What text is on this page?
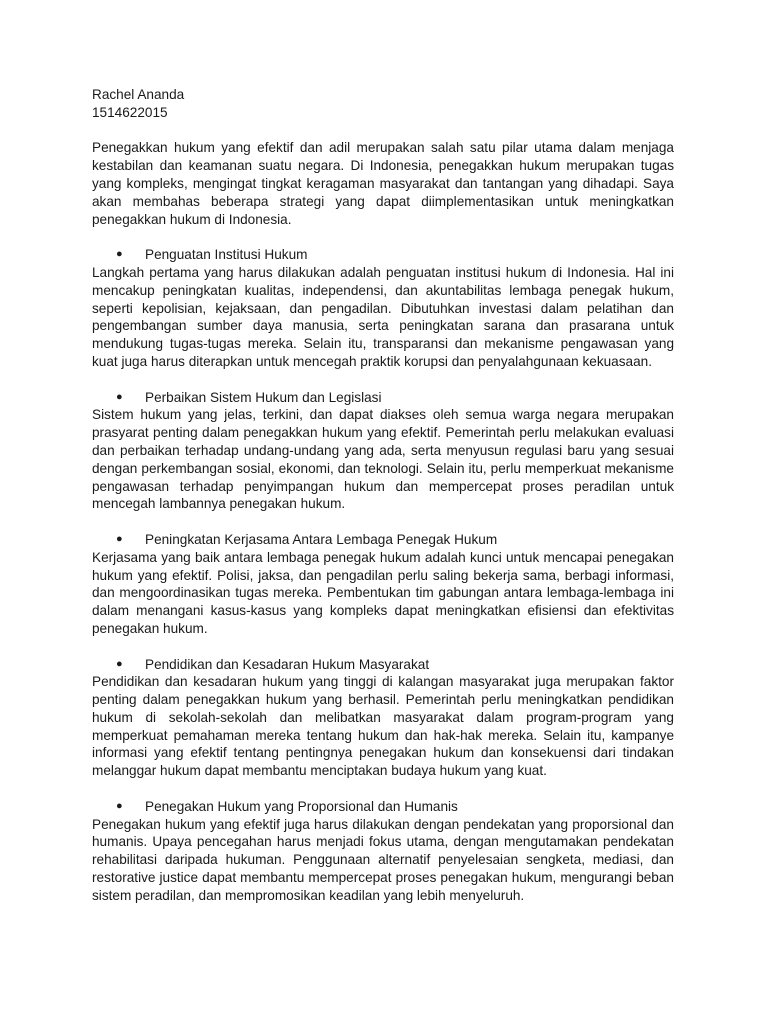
Rachel Ananda

1514622015

Penegakkan hukum yang efektif dan adil merupakan salah satu pilar utama dalam menjaga kestabilan dan keamanan suatu negara. Di Indonesia, penegakkan hukum merupakan tugas yang kompleks, mengingat tingkat keragaman masyarakat dan tantangan yang dihadapi. Saya akan membahas beberapa strategi yang dapat diimplementasikan untuk meningkatkan penegakkan hukum di Indonesia.

● Penguatan Institusi Hukum

Langkah pertama yang harus dilakukan adalah penguatan institusi hukum di Indonesia. Hal ini mencakup peningkatan kualitas, independensi, dan akuntabilitas lembaga penegak hukum, seperti kepolisian, kejaksaan, dan pengadilan. Dibutuhkan investasi dalam pelatihan dan pengembangan sumber daya manusia, serta peningkatan sarana dan prasarana untuk mendukung tugas-tugas mereka. Selain itu, transparansi dan mekanisme pengawasan yang kuat juga harus diterapkan untuk mencegah praktik korupsi dan penyalahgunaan kekuasaan.

● Perbaikan Sistem Hukum dan Legislasi

Sistem hukum yang jelas, terkini, dan dapat diakses oleh semua warga negara merupakan prasyarat penting dalam penegakkan hukum yang efektif. Pemerintah perlu melakukan evaluasi dan perbaikan terhadap undang-undang yang ada, serta menyusun regulasi baru yang sesuai dengan perkembangan sosial, ekonomi, dan teknologi. Selain itu, perlu memperkuat mekanisme pengawasan terhadap penyimpangan hukum dan mempercepat proses peradilan untuk mencegah lambannya penegakan hukum.

● Peningkatan Kerjasama Antara Lembaga Penegak Hukum

Kerjasama yang baik antara lembaga penegak hukum adalah kunci untuk mencapai penegakan hukum yang efektif. Polisi, jaksa, dan pengadilan perlu saling bekerja sama, berbagi informasi, dan mengoordinasikan tugas mereka. Pembentukan tim gabungan antara lembaga-lembaga ini dalam menangani kasus-kasus yang kompleks dapat meningkatkan efisiensi dan efektivitas penegakan hukum.

● Pendidikan dan Kesadaran Hukum Masyarakat

Pendidikan dan kesadaran hukum yang tinggi di kalangan masyarakat juga merupakan faktor penting dalam penegakkan hukum yang berhasil. Pemerintah perlu meningkatkan pendidikan hukum di sekolah-sekolah dan melibatkan masyarakat dalam program-program yang memperkuat pemahaman mereka tentang hukum dan hak-hak mereka. Selain itu, kampanye informasi yang efektif tentang pentingnya penegakan hukum dan konsekuensi dari tindakan melanggar hukum dapat membantu menciptakan budaya hukum yang kuat.

● Penegakan Hukum yang Proporsional dan Humanis

Penegakan hukum yang efektif juga harus dilakukan dengan pendekatan yang proporsional dan humanis. Upaya pencegahan harus menjadi fokus utama, dengan mengutamakan pendekatan rehabilitasi daripada hukuman. Penggunaan alternatif penyelesaian sengketa, mediasi, dan restorative justice dapat membantu mempercepat proses penegakan hukum, mengurangi beban sistem peradilan, dan mempromosikan keadilan yang lebih menyeluruh.
